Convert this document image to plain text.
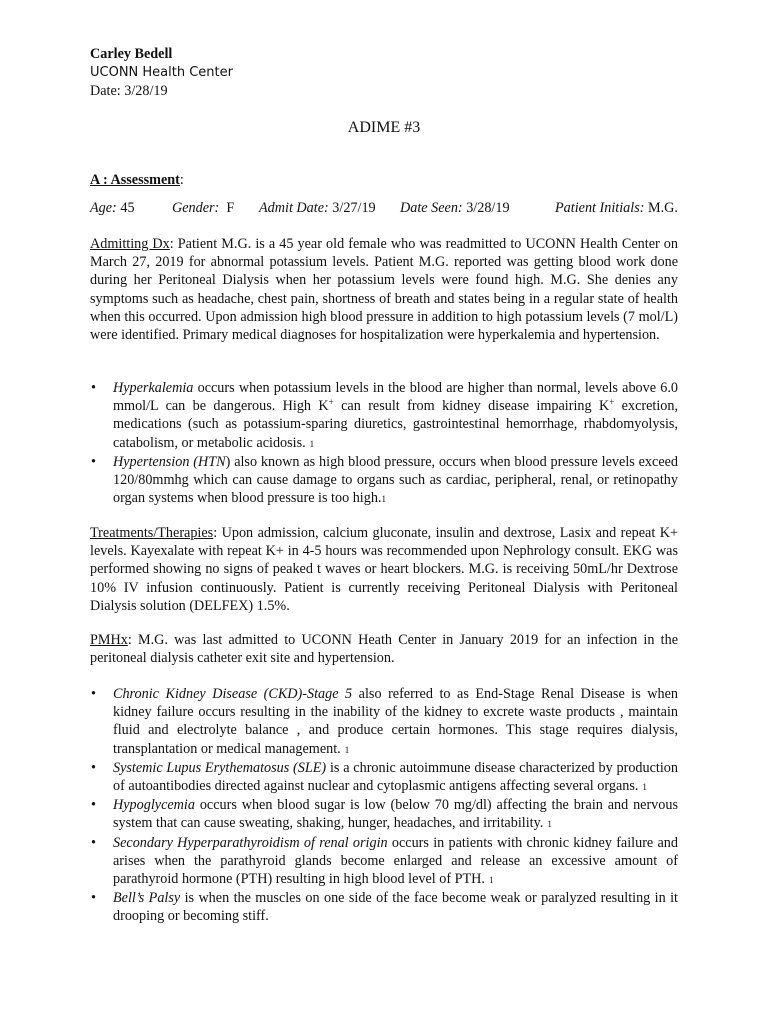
Carley Bedell
UCONN Health Center
Date: 3/28/19
ADIME #3
A : Assessment:
Age: 45	Gender: F Admit Date: 3/27/19 Date Seen: 3/28/19	Patient Initials: M.G.
Admitting Dx: Patient M.G. is a 45 year old female who was readmitted to UCONN Health Center on March 27, 2019 for abnormal potassium levels. Patient M.G. reported was getting blood work done during her Peritoneal Dialysis when her potassium levels were found high. M.G. She denies any symptoms such as headache, chest pain, shortness of breath and states being in a regular state of health when this occurred. Upon admission high blood pressure in addition to high potassium levels (7 mol/L) were identified. Primary medical diagnoses for hospitalization were hyperkalemia and hypertension.
• Hyperkalemia occurs when potassium levels in the blood are higher than normal, levels above 6.0 mmol/L can be dangerous. High K+ can result from kidney disease impairing K+ excretion, medications (such as potassium-sparing diuretics, gastrointestinal hemorrhage, rhabdomyolysis, catabolism, or metabolic acidosis. 1
• Hypertension (HTN) also known as high blood pressure, occurs when blood pressure levels exceed 120/80mmhg which can cause damage to organs such as cardiac, peripheral, renal, or retinopathy organ systems when blood pressure is too high.1
Treatments/Therapies: Upon admission, calcium gluconate, insulin and dextrose, Lasix and repeat K+ levels. Kayexalate with repeat K+ in 4-5 hours was recommended upon Nephrology consult. EKG was performed showing no signs of peaked t waves or heart blockers. M.G. is receiving 50mL/hr Dextrose 10% IV infusion continuously. Patient is currently receiving Peritoneal Dialysis with Peritoneal Dialysis solution (DELFEX) 1.5%.
PMHx: M.G. was last admitted to UCONN Heath Center in January 2019 for an infection in the peritoneal dialysis catheter exit site and hypertension.
• Chronic Kidney Disease (CKD)-Stage 5 also referred to as End-Stage Renal Disease is when kidney failure occurs resulting in the inability of the kidney to excrete waste products , maintain fluid and electrolyte balance , and produce certain hormones. This stage requires dialysis, transplantation or medical management. 1
• Systemic Lupus Erythematosus (SLE) is a chronic autoimmune disease characterized by production of autoantibodies directed against nuclear and cytoplasmic antigens affecting several organs. 1
• Hypoglycemia occurs when blood sugar is low (below 70 mg/dl) affecting the brain and nervous system that can cause sweating, shaking, hunger, headaches, and irritability. 1
• Secondary Hyperparathyroidism of renal origin occurs in patients with chronic kidney failure and arises when the parathyroid glands become enlarged and release an excessive amount of parathyroid hormone (PTH) resulting in high blood level of PTH. 1
• Bell’s Palsy is when the muscles on one side of the face become weak or paralyzed resulting in it drooping or becoming stiff.
